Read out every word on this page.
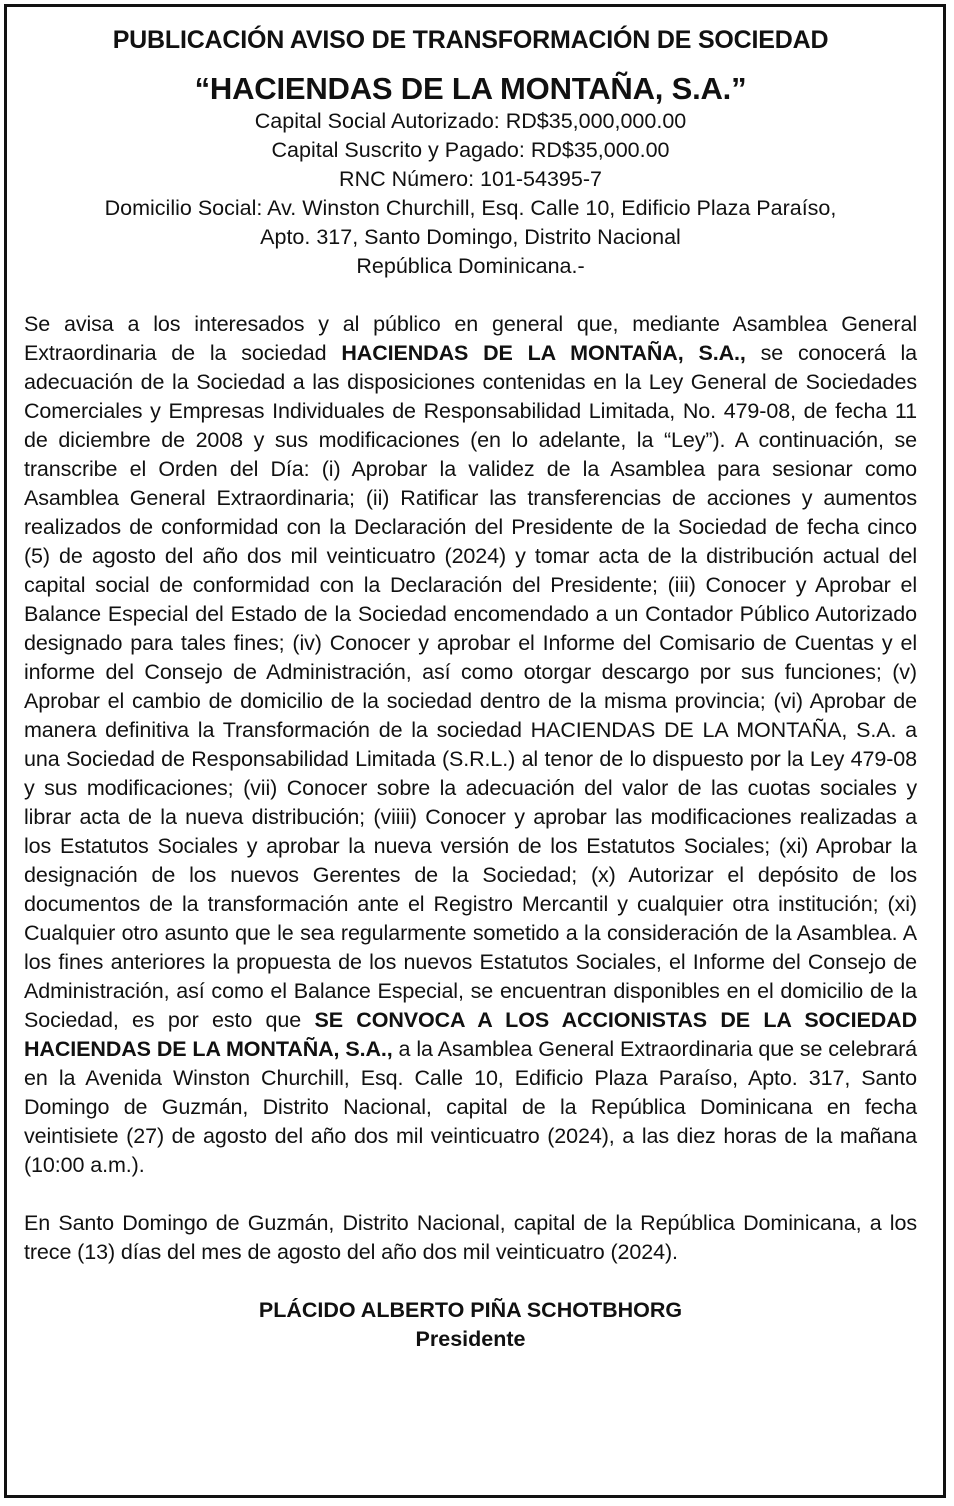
PUBLICACIÓN AVISO DE TRANSFORMACIÓN DE SOCIEDAD
“HACIENDAS DE LA MONTAÑA, S.A.”
Capital Social Autorizado: RD$35,000,000.00
Capital Suscrito y Pagado: RD$35,000.00
RNC Número: 101-54395-7
Domicilio Social: Av. Winston Churchill, Esq. Calle 10, Edificio Plaza Paraíso,
Apto. 317, Santo Domingo, Distrito Nacional
República Dominicana.-

Se avisa a los interesados y al público en general que, mediante Asamblea General Extraordinaria de la sociedad HACIENDAS DE LA MONTAÑA, S.A., se conocerá la adecuación de la Sociedad a las disposiciones contenidas en la Ley General de Sociedades Comerciales y Empresas Individuales de Responsabilidad Limitada, No. 479-08, de fecha 11 de diciembre de 2008 y sus modificaciones (en lo adelante, la “Ley”). A continuación, se transcribe el Orden del Día: (i) Aprobar la validez de la Asamblea para sesionar como Asamblea General Extraordinaria; (ii) Ratificar las transferencias de acciones y aumentos realizados de conformidad con la Declaración del Presidente de la Sociedad de fecha cinco (5) de agosto del año dos mil veinticuatro (2024) y tomar acta de la distribución actual del capital social de conformidad con la Declaración del Presidente; (iii) Conocer y Aprobar el Balance Especial del Estado de la Sociedad encomendado a un Contador Público Autorizado designado para tales fines; (iv) Conocer y aprobar el Informe del Comisario de Cuentas y el informe del Consejo de Administración, así como otorgar descargo por sus funciones; (v) Aprobar el cambio de domicilio de la sociedad dentro de la misma provincia; (vi) Aprobar de manera definitiva la Transformación de la sociedad HACIENDAS DE LA MONTAÑA, S.A. a una Sociedad de Responsabilidad Limitada (S.R.L.) al tenor de lo dispuesto por la Ley 479-08 y sus modificaciones; (vii) Conocer sobre la adecuación del valor de las cuotas sociales y librar acta de la nueva distribución; (viiii) Conocer y aprobar las modificaciones realizadas a los Estatutos Sociales y aprobar la nueva versión de los Estatutos Sociales; (xi) Aprobar la designación de los nuevos Gerentes de la Sociedad; (x) Autorizar el depósito de los documentos de la transformación ante el Registro Mercantil y cualquier otra institución; (xi) Cualquier otro asunto que le sea regularmente sometido a la consideración de la Asamblea. A los fines anteriores la propuesta de los nuevos Estatutos Sociales, el Informe del Consejo de Administración, así como el Balance Especial, se encuentran disponibles en el domicilio de la Sociedad, es por esto que SE CONVOCA A LOS ACCIONISTAS DE LA SOCIEDAD HACIENDAS DE LA MONTAÑA, S.A., a la Asamblea General Extraordinaria que se celebrará en la Avenida Winston Churchill, Esq. Calle 10, Edificio Plaza Paraíso, Apto. 317, Santo Domingo de Guzmán, Distrito Nacional, capital de la República Dominicana en fecha veintisiete (27) de agosto del año dos mil veinticuatro (2024), a las diez horas de la mañana (10:00 a.m.).

En Santo Domingo de Guzmán, Distrito Nacional, capital de la República Dominicana, a los trece (13) días del mes de agosto del año dos mil veinticuatro (2024).

PLÁCIDO ALBERTO PIÑA SCHOTBHORG
Presidente
